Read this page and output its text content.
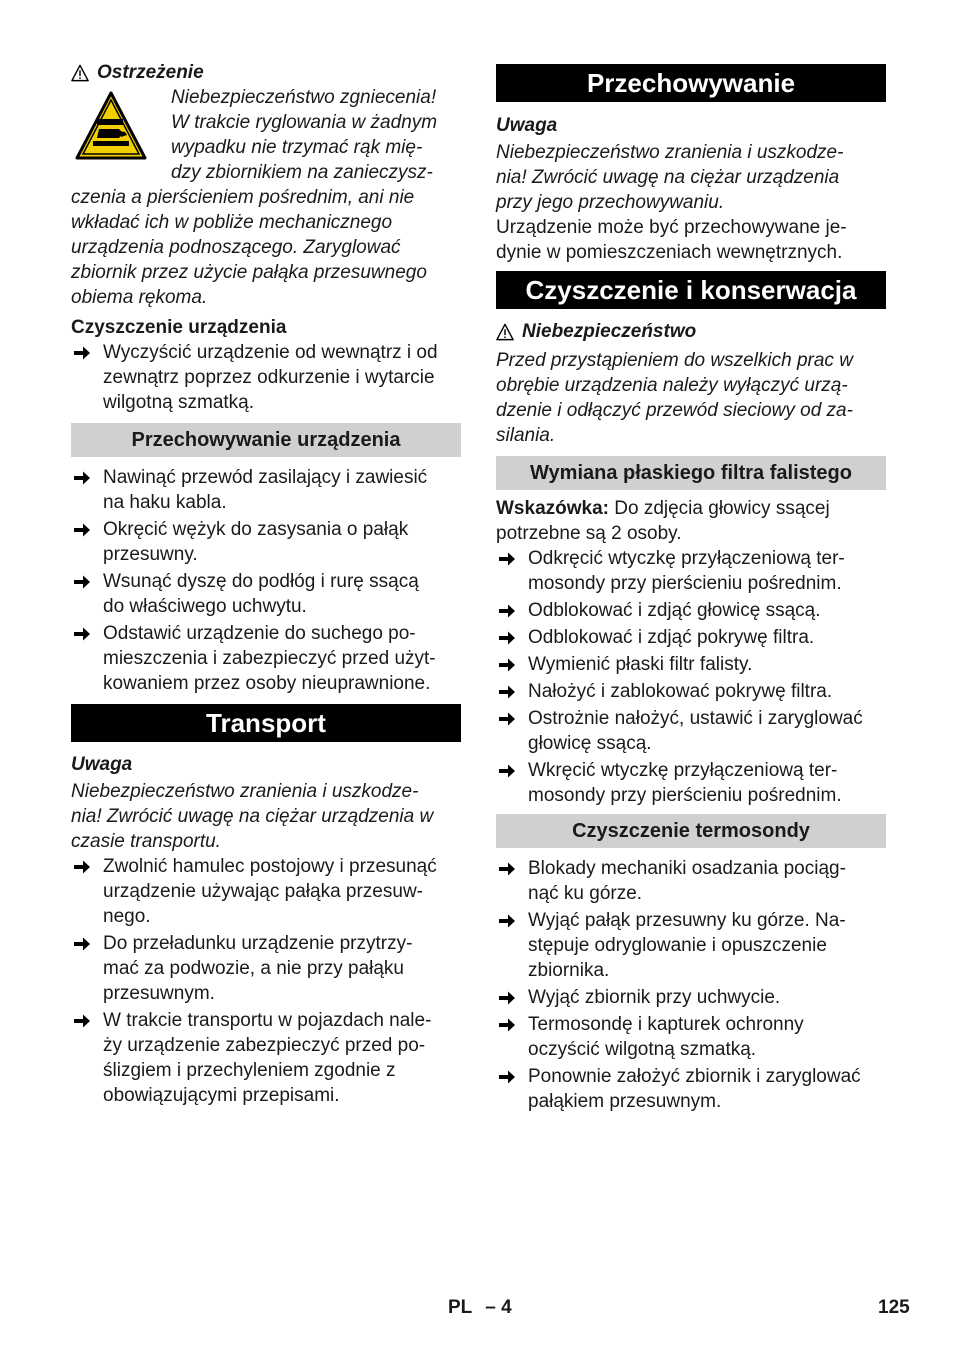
Ostrzeżenie

Niebezpieczeństwo zgniecenia!

W trakcie ryglowania w żadnym

wypadku nie trzymać rąk mię-

dzy zbiornikiem na zanieczysz-

czenia a pierścieniem pośrednim, ani nie

wkładać ich w pobliże mechanicznego

urządzenia podnoszącego. Zaryglować

zbiornik przez użycie pałąka przesuwnego

obiema rękoma.

Czyszczenie urządzenia

Wyczyścić urządzenie od wewnątrz i od
zewnątrz poprzez odkurzenie i wytarcie
wilgotną szmatką.
Przechowywanie urządzenia
Nawinąć przewód zasilający i zawiesić
na haku kabla.
Okręcić wężyk do zasysania o pałąk
przesuwny.
Wsunąć dyszę do podłóg i rurę ssącą
do właściwego uchwytu.
Odstawić urządzenie do suchego po-
mieszczenia i zabezpieczyć przed użyt-
kowaniem przez osoby nieuprawnione.
Transport

Uwaga

Niebezpieczeństwo zranienia i uszkodze-

nia! Zwrócić uwagę na ciężar urządzenia w

czasie transportu.

Zwolnić hamulec postojowy i przesunąć
urządzenie używając pałąka przesuw-
nego.
Do przeładunku urządzenie przytrzy-
mać za podwozie, a nie przy pałąku
przesuwnym.
W trakcie transportu w pojazdach nale-
ży urządzenie zabezpieczyć przed po-
ślizgiem i przechyleniem zgodnie z
obowiązującymi przepisami.
Przechowywanie

Uwaga

Niebezpieczeństwo zranienia i uszkodze-

nia! Zwrócić uwagę na ciężar urządzenia

przy jego przechowywaniu.

Urządzenie może być przechowywane je-

dynie w pomieszczeniach wewnętrznych.

Czyszczenie i konserwacja

Niebezpieczeństwo

Przed przystąpieniem do wszelkich prac w

obrębie urządzenia należy wyłączyć urzą-

dzenie i odłączyć przewód sieciowy od za-

silania.

Wymiana płaskiego filtra falistego

Wskazówka: Do zdjęcia głowicy ssącej

potrzebne są 2 osoby.

Odkręcić wtyczkę przyłączeniową ter-
mosondy przy pierścieniu pośrednim.
Odblokować i zdjąć głowicę ssącą.
Odblokować i zdjąć pokrywę filtra.
Wymienić płaski filtr falisty.
Nałożyć i zablokować pokrywę filtra.
Ostrożnie nałożyć, ustawić i zaryglować
głowicę ssącą.
Wkręcić wtyczkę przyłączeniową ter-
mosondy przy pierścieniu pośrednim.
Czyszczenie termosondy
Blokady mechaniki osadzania pociąg-
nąć ku górze.
Wyjąć pałąk przesuwny ku górze. Na-
stępuje odryglowanie i opuszczenie
zbiornika.
Wyjąć zbiornik przy uchwycie.
Termosondę i kapturek ochronny
oczyścić wilgotną szmatką.
Ponownie założyć zbiornik i zaryglować
pałąkiem przesuwnym.
PL – 4	125
